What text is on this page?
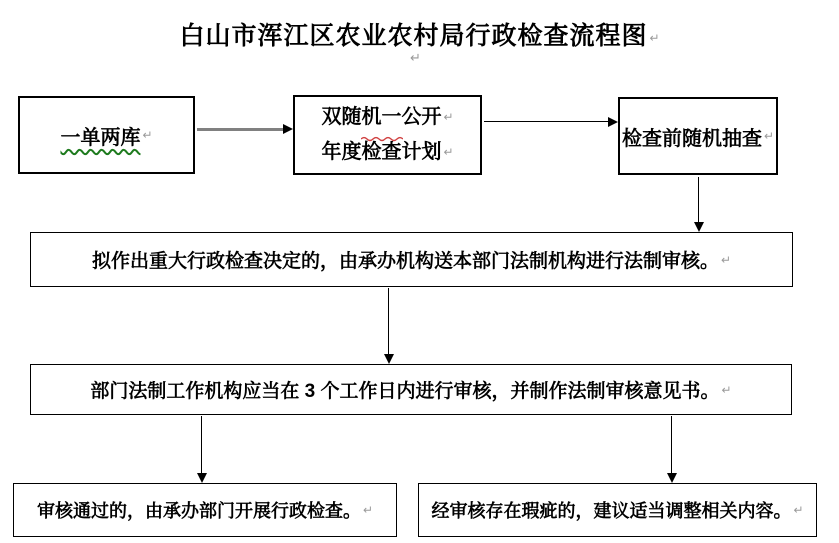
白山市浑江区农业农村局行政检查流程图 ↵
↵
一单两库 ↵
双随机一公开 ↵
年度检查计划 ↵
检查前随机抽查 ↵
拟作出重大行政检查决定的，由承办机构送本部门法制机构进行法制审核。 ↵
部门法制工作机构应当在 3 个工作日内进行审核，并制作法制审核意见书。 ↵
审核通过的，由承办部门开展行政检查。 ↵	经审核存在瑕疵的，建议适当调整相关内容。 ↵
